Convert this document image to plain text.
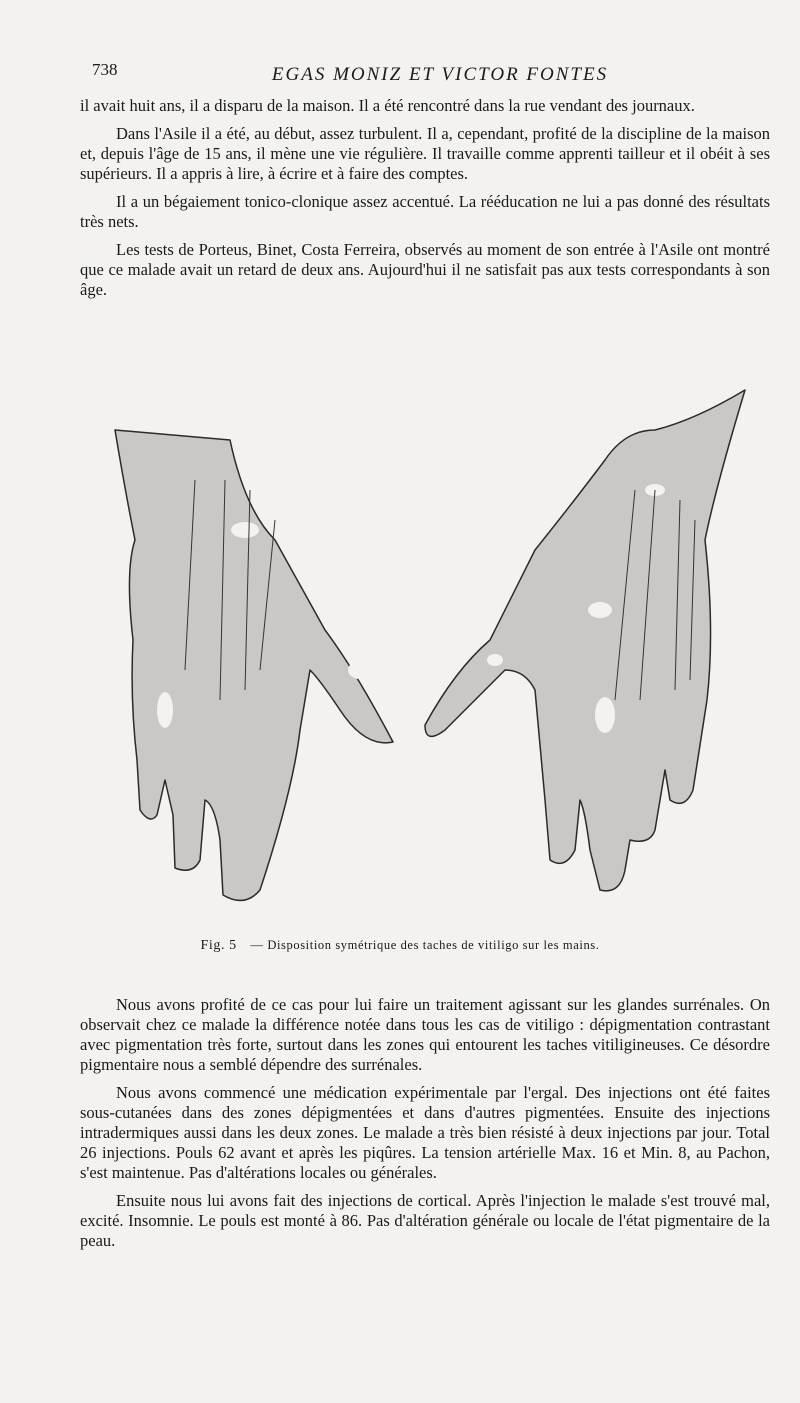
738	EGAS MONIZ ET VICTOR FONTES

il avait huit ans, il a disparu de la maison. Il a été rencontré dans la rue vendant des journaux.

Dans l'Asile il a été, au début, assez turbulent. Il a, cependant, profité de la discipline de la maison et, depuis l'âge de 15 ans, il mène une vie régulière. Il travaille comme apprenti tailleur et il obéit à ses supérieurs. Il a appris à lire, à écrire et à faire des comptes.

Il a un bégaiement tonico-clonique assez accentué. La rééducation ne lui a pas donné des résultats très nets.

Les tests de Porteus, Binet, Costa Ferreira, observés au moment de son entrée à l'Asile ont montré que ce malade avait un retard de deux ans. Aujourd'hui il ne satisfait pas aux tests correspondants à son âge.

Fig. 5 — Disposition symétrique des taches de vitiligo sur les mains.

Nous avons profité de ce cas pour lui faire un traitement agissant sur les glandes surrénales. On observait chez ce malade la différence notée dans tous les cas de vitiligo : dépigmentation contrastant avec pigmentation très forte, surtout dans les zones qui entourent les taches vitiligineuses. Ce désordre pigmentaire nous a semblé dépendre des surrénales.

Nous avons commencé une médication expérimentale par l'ergal. Des injections ont été faites sous-cutanées dans des zones dépigmentées et dans d'autres pigmentées. Ensuite des injections intradermiques aussi dans les deux zones. Le malade a très bien résisté à deux injections par jour. Total 26 injections. Pouls 62 avant et après les piqûres. La tension artérielle Max. 16 et Min. 8, au Pachon, s'est maintenue. Pas d'altérations locales ou générales.

Ensuite nous lui avons fait des injections de cortical. Après l'injection le malade s'est trouvé mal, excité. Insomnie. Le pouls est monté à 86. Pas d'altération générale ou locale de l'état pigmentaire de la peau.
